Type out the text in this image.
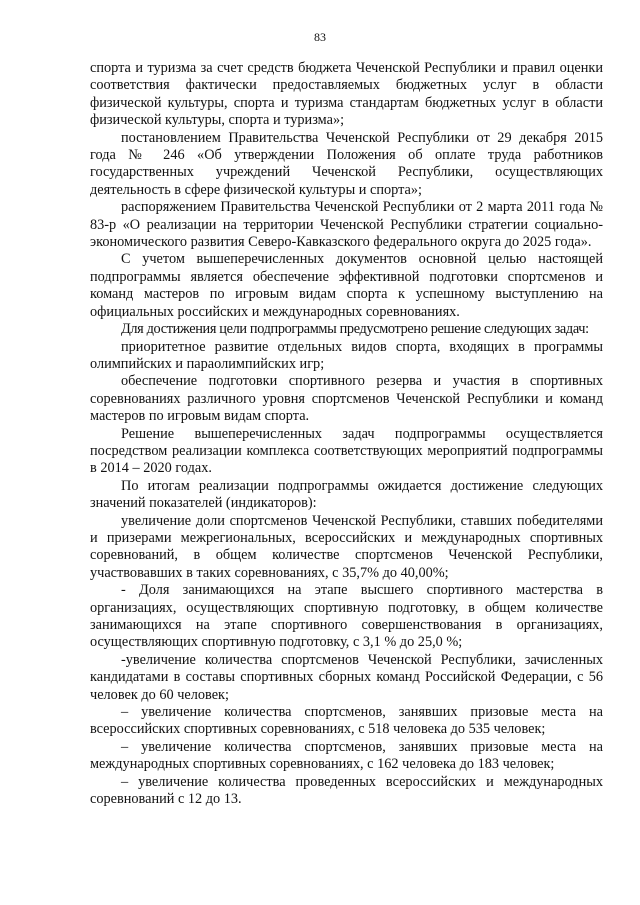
83

спорта и туризма за счет средств бюджета Чеченской Республики и правил оценки соответствия фактически предоставляемых бюджетных услуг в области физической культуры, спорта и туризма стандартам бюджетных услуг в области физической культуры, спорта и туризма»;

постановлением Правительства Чеченской Республики от 29 декабря 2015 года № 246 «Об утверждении Положения об оплате труда работников государственных учреждений Чеченской Республики, осуществляющих деятельность в сфере физической культуры и спорта»;

распоряжением Правительства Чеченской Республики от 2 марта 2011 года № 83-р «О реализации на территории Чеченской Республики стратегии социально-экономического развития Северо-Кавказского федерального округа до 2025 года».

С учетом вышеперечисленных документов основной целью настоящей подпрограммы является обеспечение эффективной подготовки спортсменов и команд мастеров по игровым видам спорта к успешному выступлению на официальных российских и международных соревнованиях.

Для достижения цели подпрограммы предусмотрено решение следующих задач:

приоритетное развитие отдельных видов спорта, входящих в программы олимпийских и параолимпийских игр;

обеспечение подготовки спортивного резерва и участия в спортивных соревнованиях различного уровня спортсменов Чеченской Республики и команд мастеров по игровым видам спорта.

Решение вышеперечисленных задач подпрограммы осуществляется посредством реализации комплекса соответствующих мероприятий подпрограммы в 2014 – 2020 годах.

По итогам реализации подпрограммы ожидается достижение следующих значений показателей (индикаторов):

увеличение доли спортсменов Чеченской Республики, ставших победителями и призерами межрегиональных, всероссийских и международных спортивных соревнований, в общем количестве спортсменов Чеченской Республики, участвовавших в таких соревнованиях, с 35,7% до 40,00%;

- Доля занимающихся на этапе высшего спортивного мастерства в организациях, осуществляющих спортивную подготовку, в общем количестве занимающихся на этапе спортивного совершенствования в организациях, осуществляющих спортивную подготовку, с 3,1 % до 25,0 %;

-увеличение количества спортсменов Чеченской Республики, зачисленных кандидатами в составы спортивных сборных команд Российской Федерации, с 56 человек до 60 человек;

– увеличение количества спортсменов, занявших призовые места на всероссийских спортивных соревнованиях, с 518 человека до 535 человек;

– увеличение количества спортсменов, занявших призовые места на международных спортивных соревнованиях, с 162 человека до 183 человек;

– увеличение количества проведенных всероссийских и международных соревнований с 12 до 13.
